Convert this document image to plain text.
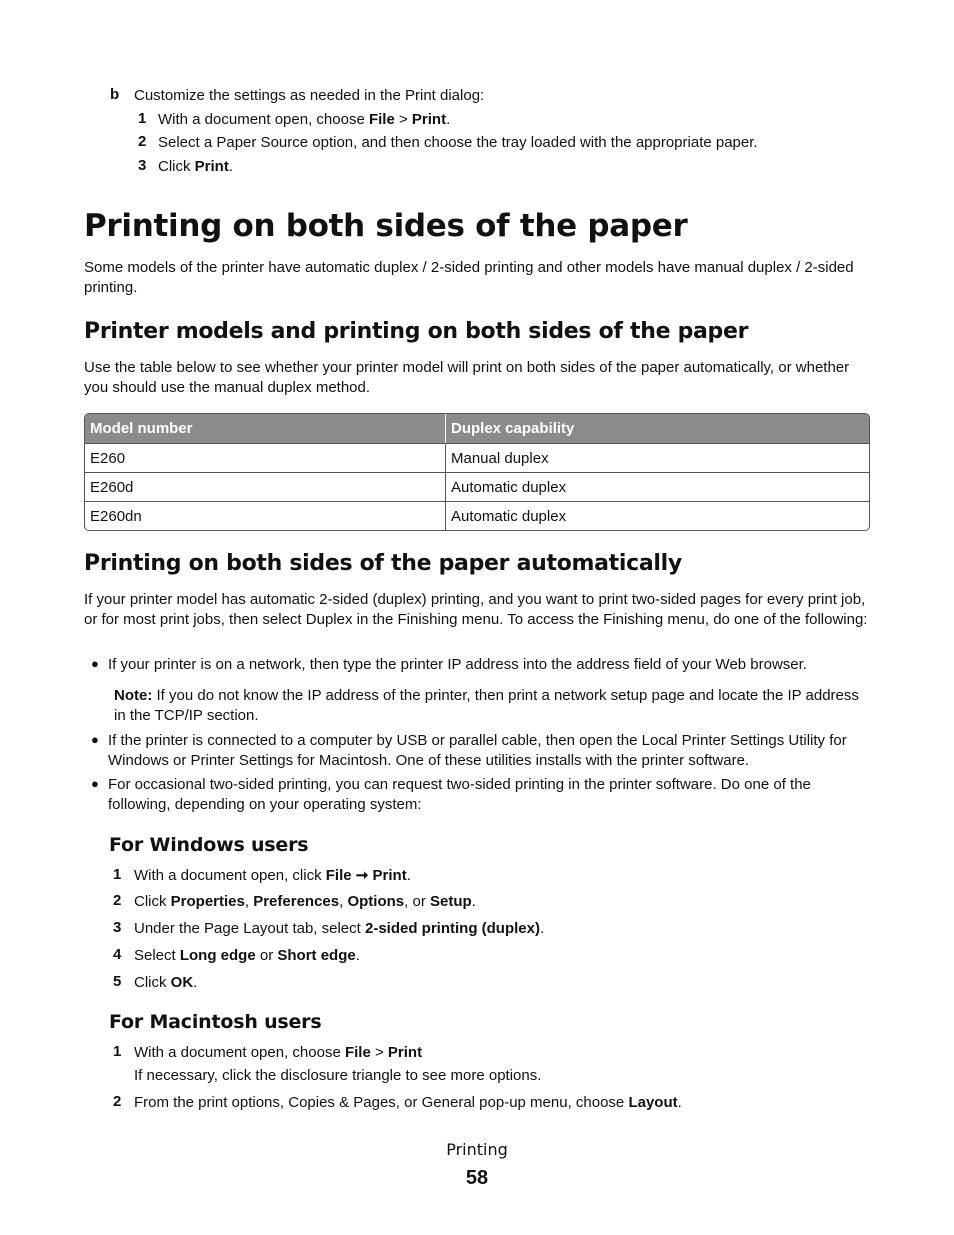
b Customize the settings as needed in the Print dialog:
1 With a document open, choose File > Print.
2 Select a Paper Source option, and then choose the tray loaded with the appropriate paper.
3 Click Print.
Printing on both sides of the paper
Some models of the printer have automatic duplex / 2-sided printing and other models have manual duplex / 2-sided printing.
Printer models and printing on both sides of the paper
Use the table below to see whether your printer model will print on both sides of the paper automatically, or whether you should use the manual duplex method.
Model number	Duplex capability
E260	Manual duplex
E260d	Automatic duplex
E260dn	Automatic duplex
Printing on both sides of the paper automatically
If your printer model has automatic 2-sided (duplex) printing, and you want to print two-sided pages for every print job, or for most print jobs, then select Duplex in the Finishing menu. To access the Finishing menu, do one of the following:
● If your printer is on a network, then type the printer IP address into the address field of your Web browser.
Note: If you do not know the IP address of the printer, then print a network setup page and locate the IP address in the TCP/IP section.
● If the printer is connected to a computer by USB or parallel cable, then open the Local Printer Settings Utility for Windows or Printer Settings for Macintosh. One of these utilities installs with the printer software.
● For occasional two-sided printing, you can request two-sided printing in the printer software. Do one of the following, depending on your operating system:
For Windows users
1 With a document open, click File ➞ Print.
2 Click Properties, Preferences, Options, or Setup.
3 Under the Page Layout tab, select 2-sided printing (duplex).
4 Select Long edge or Short edge.
5 Click OK.
For Macintosh users
1 With a document open, choose File > Print
If necessary, click the disclosure triangle to see more options.
2 From the print options, Copies & Pages, or General pop-up menu, choose Layout.
Printing
58
